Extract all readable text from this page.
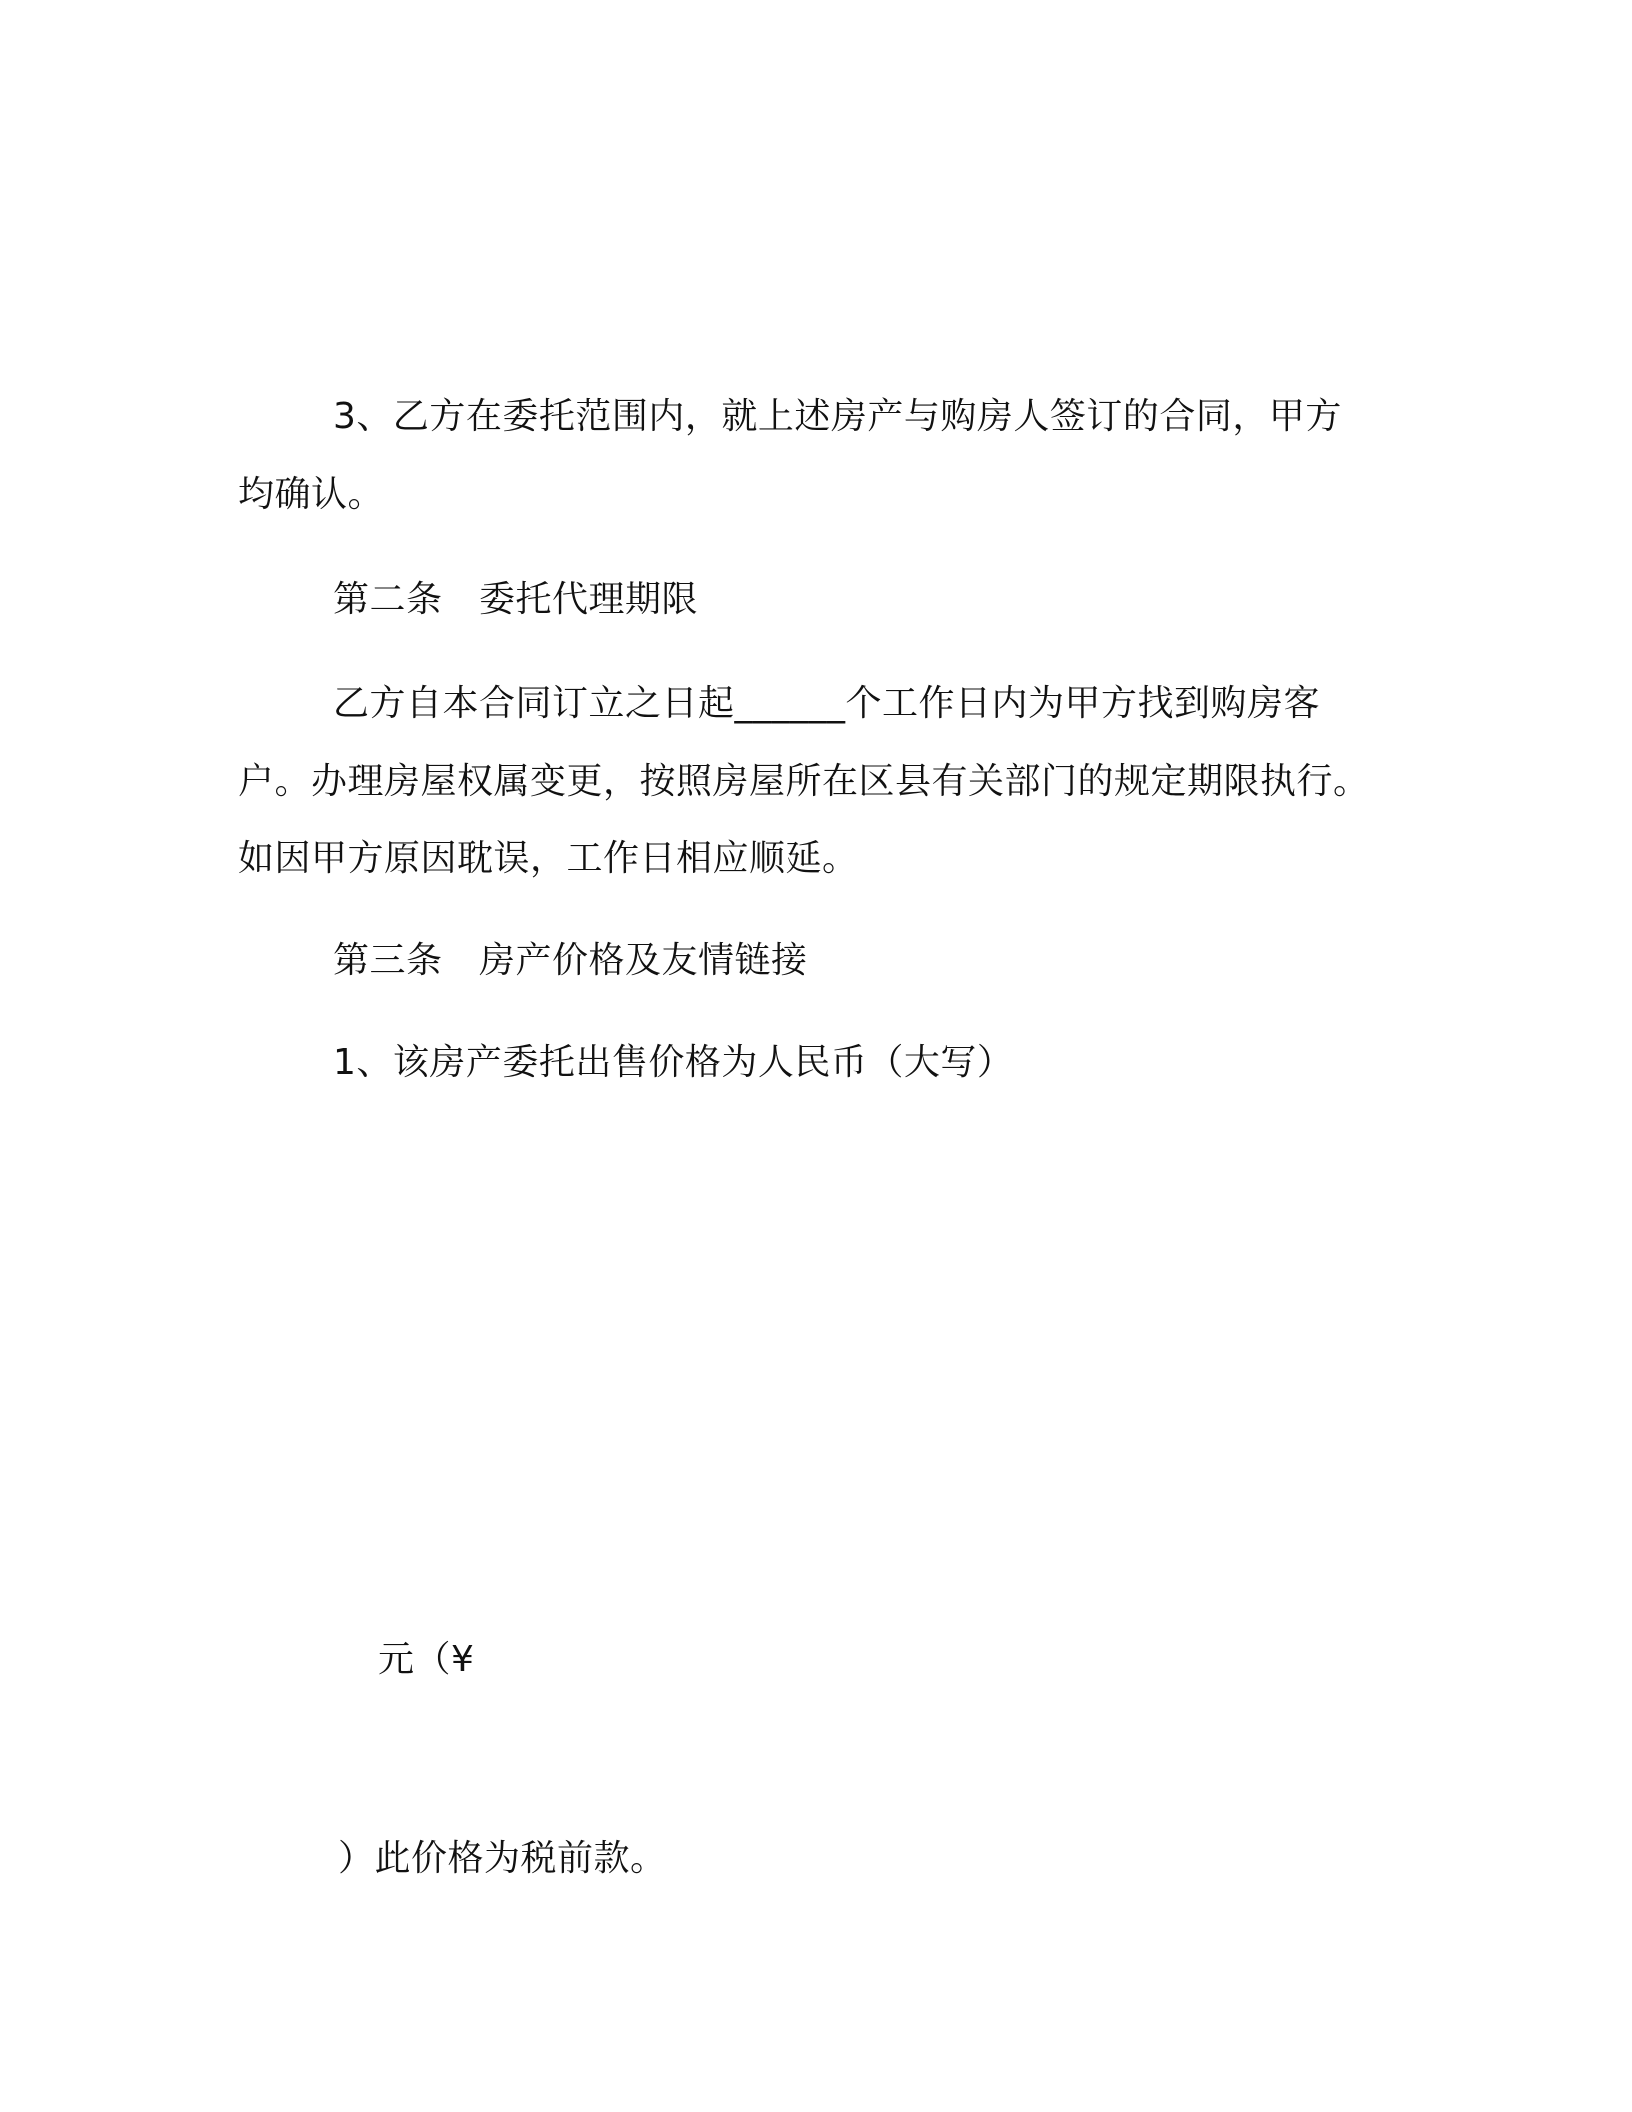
3、乙方在委托范围内，就上述房产与购房人签订的合同，甲方
均确认。
第二条　委托代理期限
乙方自本合同订立之日起______个工作日内为甲方找到购房客
户。办理房屋权属变更，按照房屋所在区县有关部门的规定期限执行。
如因甲方原因耽误，工作日相应顺延。
第三条　房产价格及友情链接
1、该房产委托出售价格为人民币（大写）
元（¥
）此价格为税前款。
